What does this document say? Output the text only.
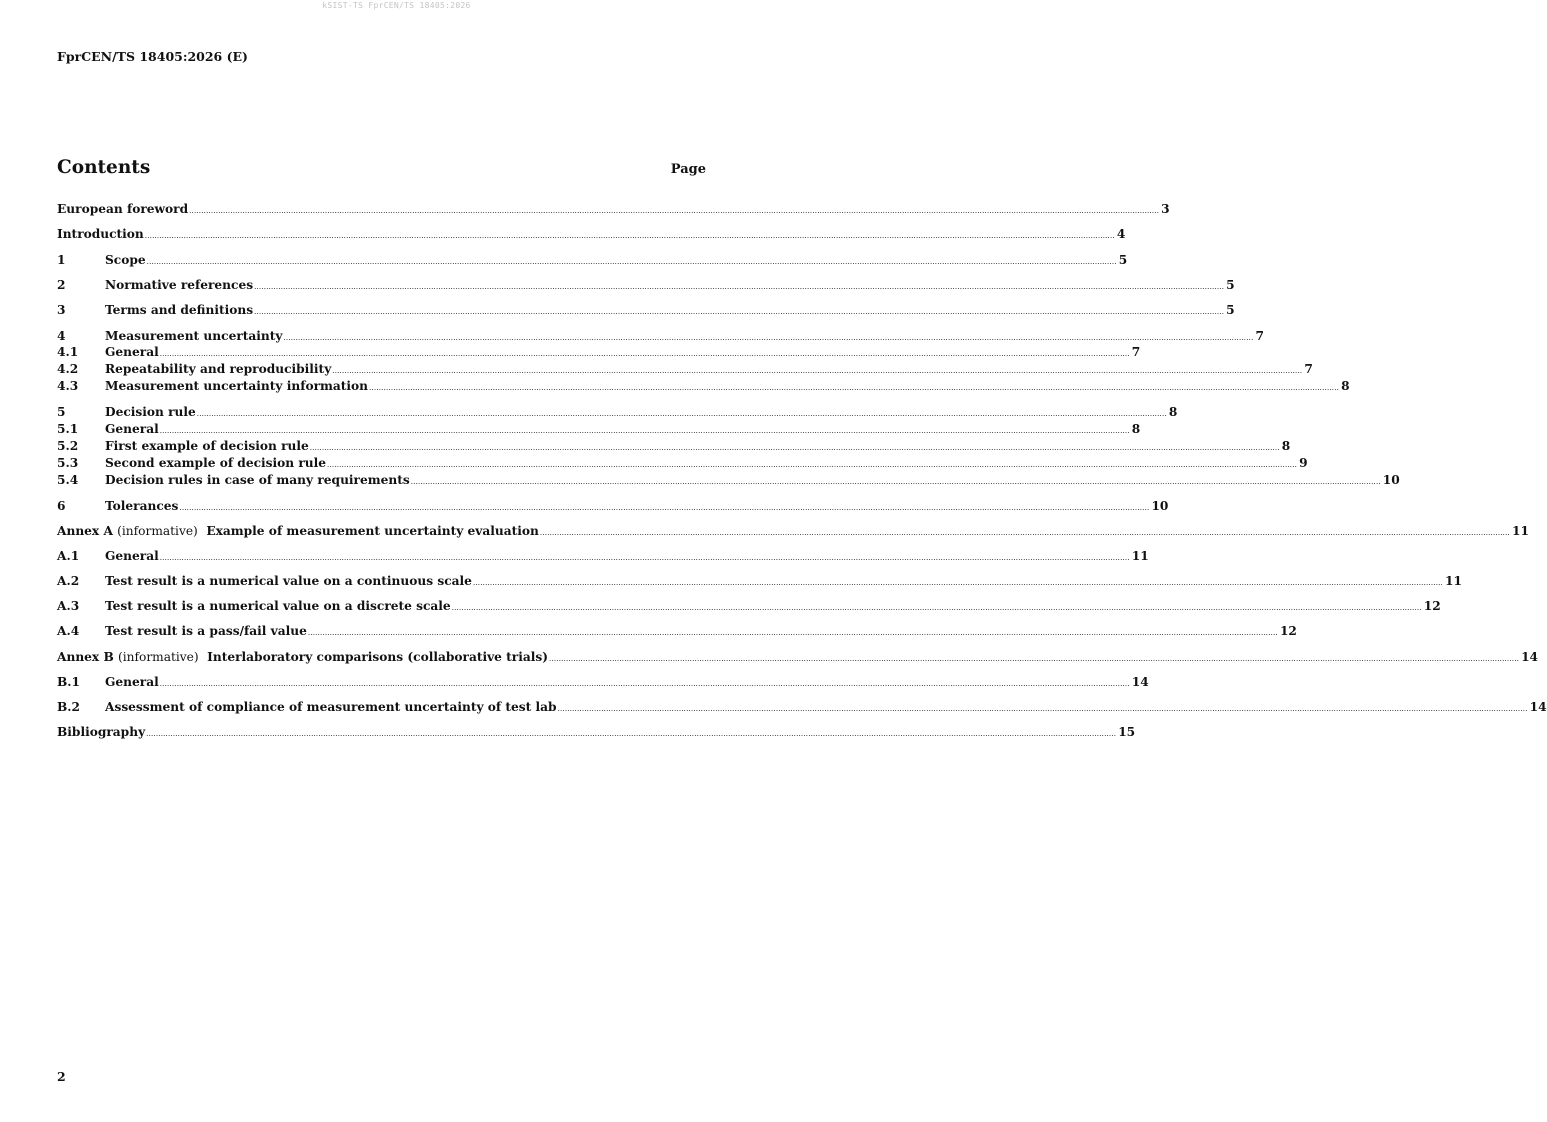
kSIST-TS FprCEN/TS 18405:2026
FprCEN/TS 18405:2026 (E)
Contents	Page
European foreword ................................................................................................................................................................................................................................................................................................................................................................................................................ 3
Introduction ................................................................................................................................................................................................................................................................................................................................................................................................................ 4
1	Scope ................................................................................................................................................................................................................................................................................................................................................................................................................ 5
2	Normative references ................................................................................................................................................................................................................................................................................................................................................................................................................ 5
3	Terms and definitions ................................................................................................................................................................................................................................................................................................................................................................................................................ 5
4	Measurement uncertainty ................................................................................................................................................................................................................................................................................................................................................................................................................ 7
4.1	General ................................................................................................................................................................................................................................................................................................................................................................................................................ 7
4.2	Repeatability and reproducibility ................................................................................................................................................................................................................................................................................................................................................................................................................ 7
4.3	Measurement uncertainty information ................................................................................................................................................................................................................................................................................................................................................................................................................ 8
5	Decision rule ................................................................................................................................................................................................................................................................................................................................................................................................................ 8
5.1	General ................................................................................................................................................................................................................................................................................................................................................................................................................ 8
5.2	First example of decision rule ................................................................................................................................................................................................................................................................................................................................................................................................................ 8
5.3	Second example of decision rule ................................................................................................................................................................................................................................................................................................................................................................................................................ 9
5.4	Decision rules in case of many requirements ................................................................................................................................................................................................................................................................................................................................................................................................................ 10
6	Tolerances ................................................................................................................................................................................................................................................................................................................................................................................................................ 10
Annex A (informative) Example of measurement uncertainty evaluation ................................................................................................................................................................................................................................................................................................................................................................................................................ 11
A.1	General ................................................................................................................................................................................................................................................................................................................................................................................................................ 11
A.2	Test result is a numerical value on a continuous scale ................................................................................................................................................................................................................................................................................................................................................................................................................ 11
A.3	Test result is a numerical value on a discrete scale ................................................................................................................................................................................................................................................................................................................................................................................................................ 12
A.4	Test result is a pass/fail value ................................................................................................................................................................................................................................................................................................................................................................................................................ 12
Annex B (informative) Interlaboratory comparisons (collaborative trials) ................................................................................................................................................................................................................................................................................................................................................................................................................ 14
B.1	General ................................................................................................................................................................................................................................................................................................................................................................................................................ 14
B.2	Assessment of compliance of measurement uncertainty of test lab ................................................................................................................................................................................................................................................................................................................................................................................................................ 14
Bibliography ................................................................................................................................................................................................................................................................................................................................................................................................................ 15
2
